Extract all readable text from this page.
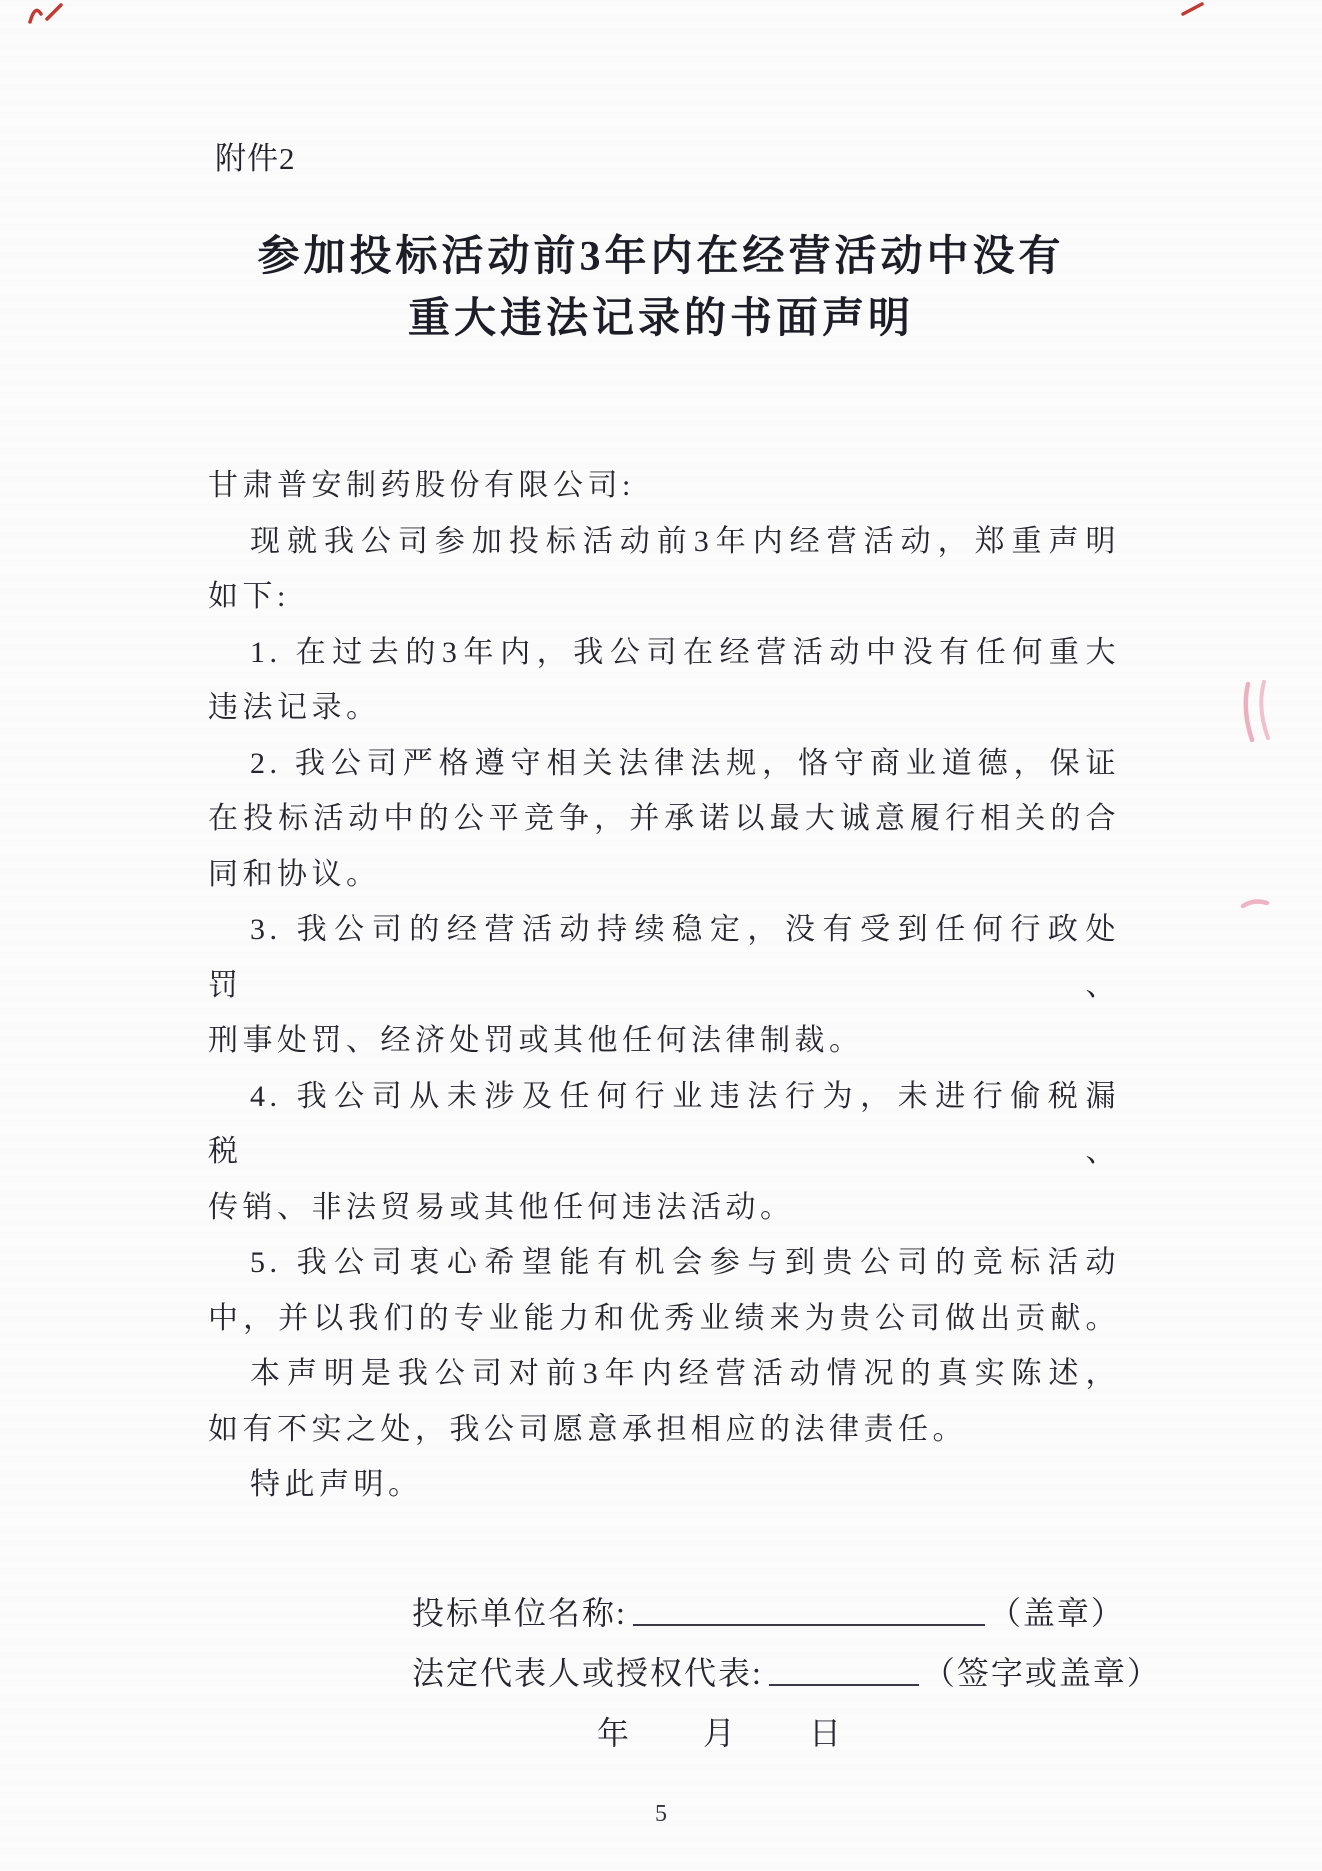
附件2
参加投标活动前3年内在经营活动中没有
重大违法记录的书面声明
甘肃普安制药股份有限公司:
现就我公司参加投标活动前3年内经营活动，郑重声明
如下:
1. 在过去的3年内，我公司在经营活动中没有任何重大
违法记录。
2. 我公司严格遵守相关法律法规，恪守商业道德，保证
在投标活动中的公平竞争，并承诺以最大诚意履行相关的合
同和协议。
3. 我公司的经营活动持续稳定，没有受到任何行政处罚、
刑事处罚、经济处罚或其他任何法律制裁。
4. 我公司从未涉及任何行业违法行为，未进行偷税漏税、
传销、非法贸易或其他任何违法活动。
5. 我公司衷心希望能有机会参与到贵公司的竞标活动
中，并以我们的专业能力和优秀业绩来为贵公司做出贡献。
本声明是我公司对前3年内经营活动情况的真实陈述，
如有不实之处，我公司愿意承担相应的法律责任。
特此声明。
投标单位名称:	（盖章）
法定代表人或授权代表:	（签字或盖章）
年 月 日
5
